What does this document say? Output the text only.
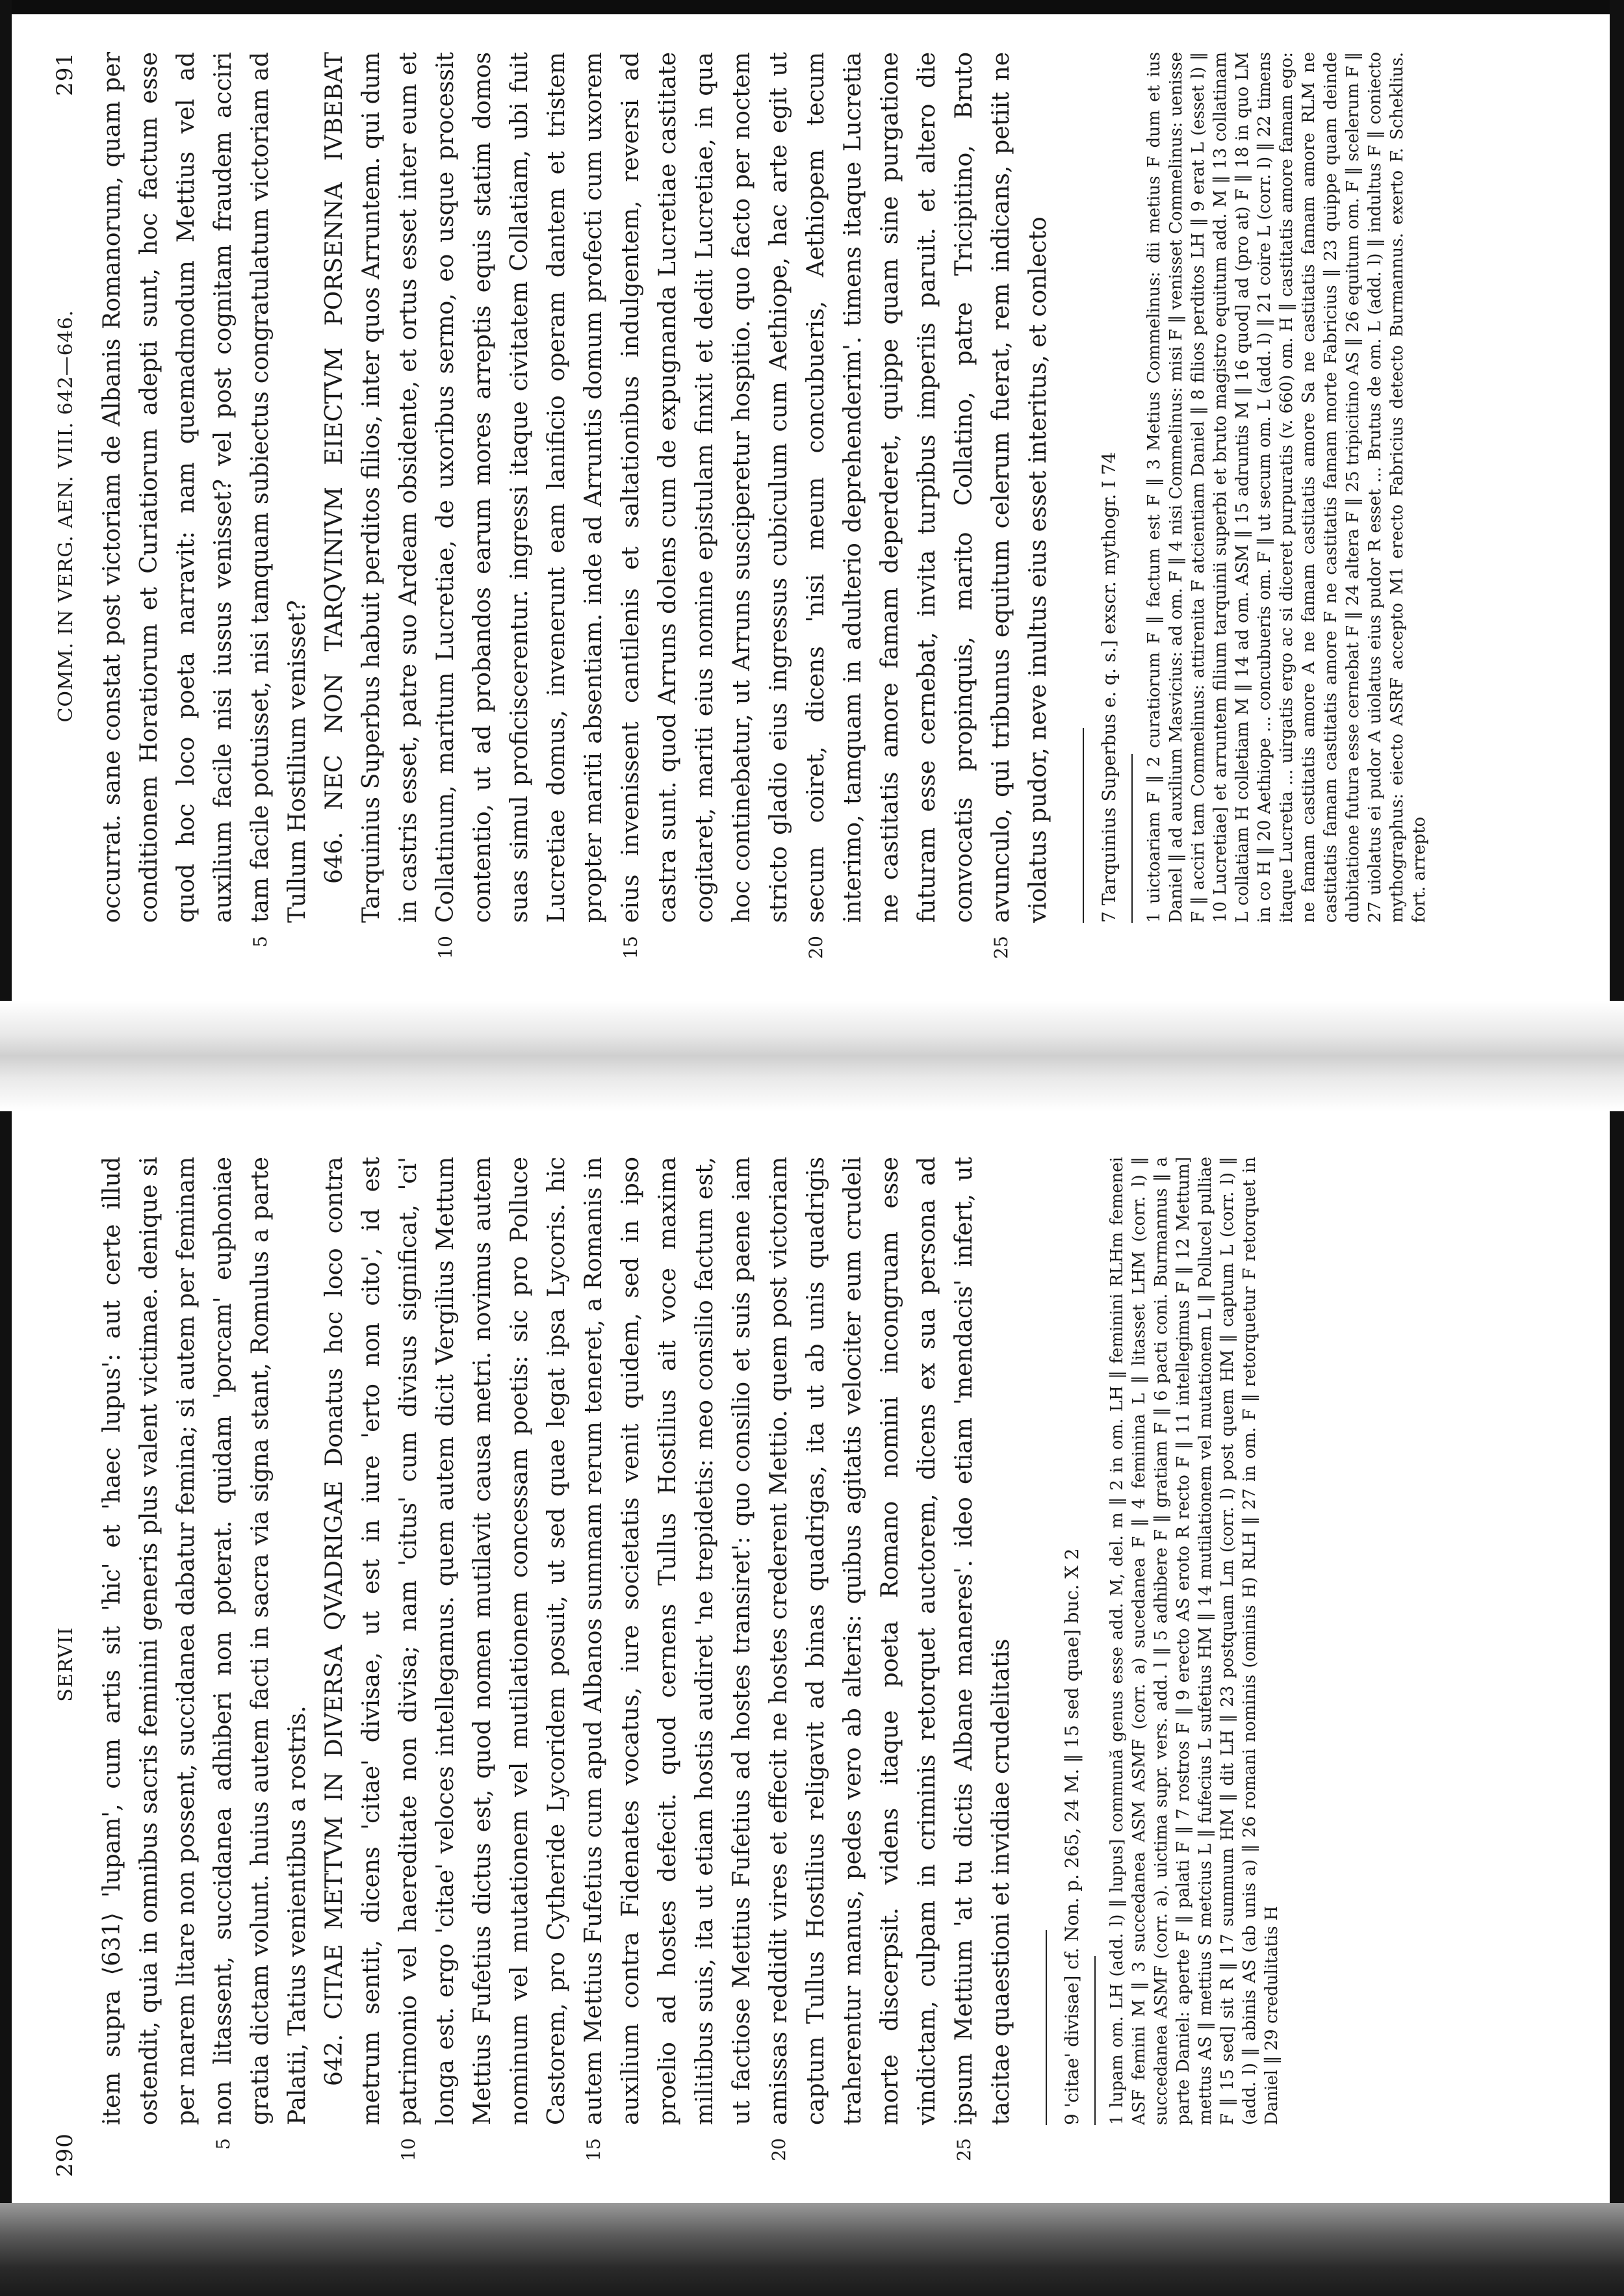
290
SERVII
5	10	15	20	25

item supra ⟨631⟩ 'lupam', cum artis sit 'hic' et 'haec lupus': aut certe illud ostendit, quia in omnibus sacris feminini generis plus valent victimae. denique si per marem litare non possent, succidanea dabatur femina; si autem per feminam non litassent, succidanea adhiberi non poterat. quidam 'porcam' euphoniae gratia dictam volunt. huius autem facti in sacra via signa stant, Romulus a parte Palatii, Tatius venientibus a rostris. 642. CITAE METTVM IN DIVERSA QVADRIGAE Donatus hoc loco contra metrum sentit, dicens 'citae' divisae, ut est in iure 'erto non cito', id est patrimonio vel haereditate non divisa; nam 'citus' cum divisus significat, 'ci' longa est. ergo 'citae' veloces intellegamus. quem autem dicit Vergilius Mettum Mettius Fufetius dictus est, quod nomen mutilavit causa metri. novimus autem nominum vel mutationem vel mutilationem concessam poetis: sic pro Polluce Castorem, pro Cytheride Lycoridem posuit, ut sed quae legat ipsa Lycoris. hic autem Mettius Fufetius cum apud Albanos summam rerum teneret, a Romanis in auxilium contra Fidenates vocatus, iure societatis venit quidem, sed in ipso proelio ad hostes defecit. quod cernens Tullus Hostilius ait voce maxima militibus suis, ita ut etiam hostis audiret 'ne trepidetis: meo consilio factum est, ut factiose Mettius Fufetius ad hostes transiret': quo consilio et suis paene iam amissas reddidit vires et effecit ne hostes crederent Mettio. quem post victoriam captum Tullus Hostilius religavit ad binas quadrigas, ita ut ab unis quadrigis traherentur manus, pedes vero ab alteris: quibus agitatis velociter eum crudeli morte discerpsit. videns itaque poeta Romano nomini incongruam esse vindictam, culpam in criminis retorquet auctorem, dicens ex sua persona ad ipsum Mettium 'at tu dictis Albane maneres'. ideo etiam 'mendacis' infert, ut tacitae quaestioni et invidiae crudelitatis	9 'citae' divisae] cf. Non. p. 265, 24 M. ‖ 15 sed quae] buc. X 2 1 lupam om. LH (add. l) ‖ lupus] commună genus esse add. M, del. m ‖ 2 in om. LH ‖ feminini RLHm femenei ASF femini M ‖ 3 succedanea ASM ASMF (corr. a) sucedanea F ‖ 4 feminina L ‖ litasset LHM (corr. l) ‖ succedanea ASMF (corr. a). uictima supr. vers. add. l ‖ 5 adhibere F ‖ gratiam F ‖ 6 pacti coni. Burmannus ‖ a parte Daniel: aperte F ‖ palati F ‖ 7 rostros F ‖ 9 erecto AS eroto R recto F ‖ 11 intellegimus F ‖ 12 Mettum] mettus AS ‖ mettius S metcius L ‖ fufecius L sufetius HM ‖ 14 mutilationem vel mutationem L ‖ Pollucel pulliae F ‖ 15 sed] sit R ‖ 17 summum HM ‖ dit LH ‖ 23 postquam Lm (corr. l) post quem HM ‖ captum L (corr. l) ‖ (add. l) ‖ abinis AS (ab unis a) ‖ 26 romani nominis (ominis H) RLH ‖ 27 in om. F ‖ retorquetur F retorquet in Daniel ‖ 29 credulitatis H

COMM. IN VERG. AEN. VIII. 642—646.
291
5	10	15	20	25

occurrat. sane constat post victoriam de Albanis Romanorum, quam per conditionem Horatiorum et Curiatiorum adepti sunt, hoc factum esse quod hoc loco poeta narravit: nam quemadmodum Mettius vel ad auxilium facile nisi iussus venisset? vel post cognitam fraudem acciri tam facile potuisset, nisi tamquam subiectus congratulatum victoriam ad Tullum Hostilium venisset? 646. NEC NON TARQVINIVM EIECTVM PORSENNA IVBEBAT Tarquinius Superbus habuit perditos filios, inter quos Arruntem. qui dum in castris esset, patre suo Ardeam obsidente, et ortus esset inter eum et Collatinum, maritum Lucretiae, de uxoribus sermo, eo usque processit contentio, ut ad probandos earum mores arreptis equis statim domos suas simul proficiscerentur. ingressi itaque civitatem Collatiam, ubi fuit Lucretiae domus, invenerunt eam lanificio operam dantem et tristem propter mariti absentiam. inde ad Arruntis domum profecti cum uxorem eius invenissent cantilenis et saltationibus indulgentem, reversi ad castra sunt. quod Arruns dolens cum de expugnanda Lucretiae castitate cogitaret, mariti eius nomine epistulam finxit et dedit Lucretiae, in qua hoc continebatur, ut Arruns susciperetur hospitio. quo facto per noctem stricto gladio eius ingressus cubiculum cum Aethiope, hac arte egit ut secum coiret, dicens 'nisi meum concubueris, Aethiopem tecum interimo, tamquam in adulterio deprehenderim'. timens itaque Lucretia ne castitatis amore famam deperderet, quippe quam sine purgatione futuram esse cernebat, invita turpibus imperiis paruit. et altero die convocatis propinquis, marito Collatino, patre Tricipitino, Bruto avunculo, qui tribunus equitum celerum fuerat, rem indicans, petiit ne violatus pudor, neve inultus eius esset interitus, et conlecto	7 Tarquinius Superbus e. q. s.] exscr. mythogr. I 74 1 uictoariam F ‖ 2 curatiorum F ‖ factum est F ‖ 3 Metius Commelinus: dii metius F dum et ius Daniel ‖ ad auxilium Masvicius: ad om. F ‖ 4 nisi Commelinus: misi F ‖ venisset Commelinus: uenisse F ‖ acciri tam Commelinus: attirenita F atcientiam Daniel ‖ 8 filios perditos LH ‖ 9 erat L (esset l) ‖ 10 Lucretiae] et arruntem filium tarquinii superbi et bruto magistro equitum add. M ‖ 13 collatinam L collatiam H colletiam M ‖ 14 ad om. ASM ‖ 15 adruntis M ‖ 16 quod] ad (pro at) F ‖ 18 in quo LM in co H ‖ 20 Aethiope ... concubueris om. F ‖ ut secum om. L (add. l) ‖ 21 coire L (corr. l) ‖ 22 timens itaque Lucretia ... uirgatis ergo ac si diceret purpuratis (v. 660) om. H ‖ castitatis amore famam ego: ne famam castitatis amore A ne famam castitatis amore Sa ne castitatis famam amore RLM ne castitatis famam castitatis amore F ne castitatis famam morte Fabricius ‖ 23 quippe quam deinde dubitatione futura esse cernebat F ‖ 24 altera F ‖ 25 tripicitino AS ‖ 26 equitum om. F ‖ scelerum F ‖ 27 uiolatus ei pudor A uiolatus eius pudor R esset ... Brutus de om. L (add. l) ‖ indultus F ‖ coniecto mythographus: eiecto ASRF accepto M1 erecto Fabricius detecto Burmannus. exerto F. Scheklius. fort. arrepto
